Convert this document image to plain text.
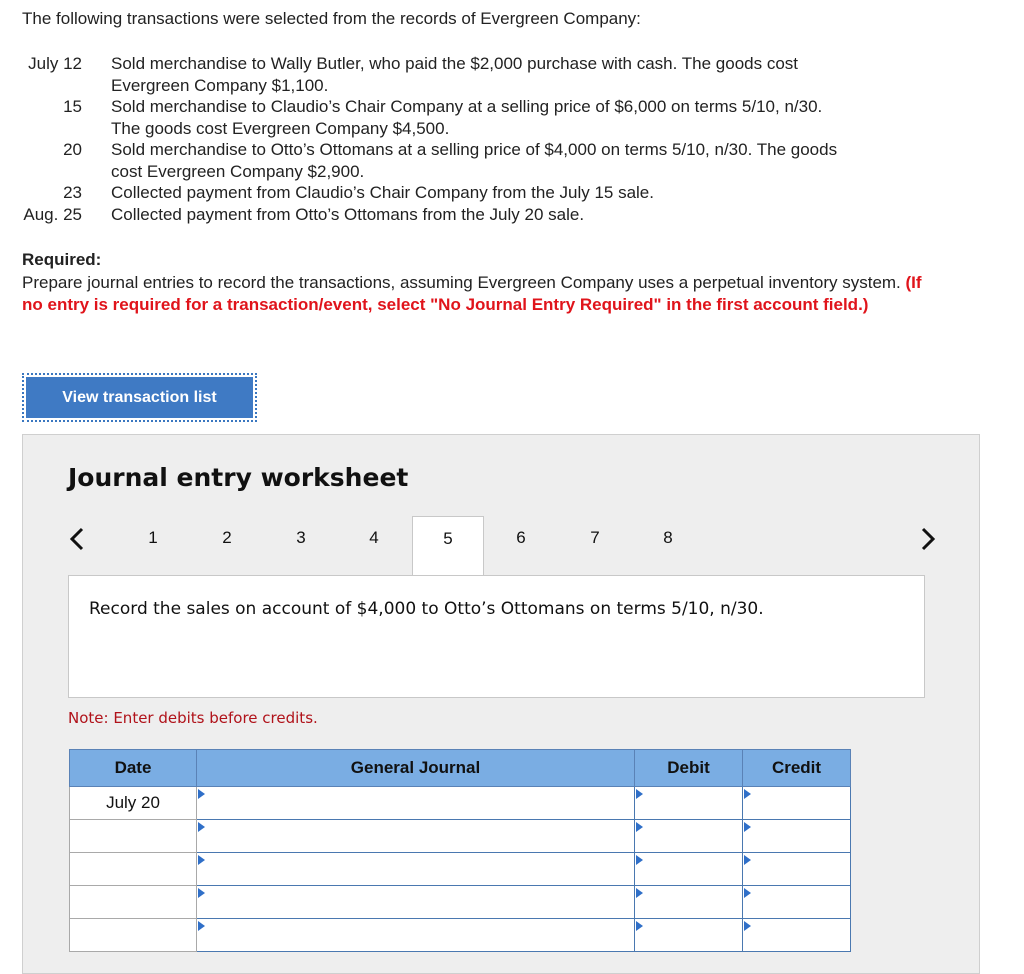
The following transactions were selected from the records of Evergreen Company:
July 12 Sold merchandise to Wally Butler, who paid the $2,000 purchase with cash. The goods cost
Evergreen Company $1,100.
15 Sold merchandise to Claudio’s Chair Company at a selling price of $6,000 on terms 5/10, n/30.
The goods cost Evergreen Company $4,500.
20 Sold merchandise to Otto’s Ottomans at a selling price of $4,000 on terms 5/10, n/30. The goods
cost Evergreen Company $2,900.
23 Collected payment from Claudio’s Chair Company from the July 15 sale.
Aug. 25 Collected payment from Otto’s Ottomans from the July 20 sale.
Required:
Prepare journal entries to record the transactions, assuming Evergreen Company uses a perpetual inventory system. (If no entry is required for a transaction/event, select "No Journal Entry Required" in the first account field.)
View transaction list
Journal entry worksheet
1	2	3	4	5	6	7	8
Record the sales on account of $4,000 to Otto’s Ottomans on terms 5/10, n/30.
Note: Enter debits before credits.
Date	General Journal	Debit	Credit
July 20			
